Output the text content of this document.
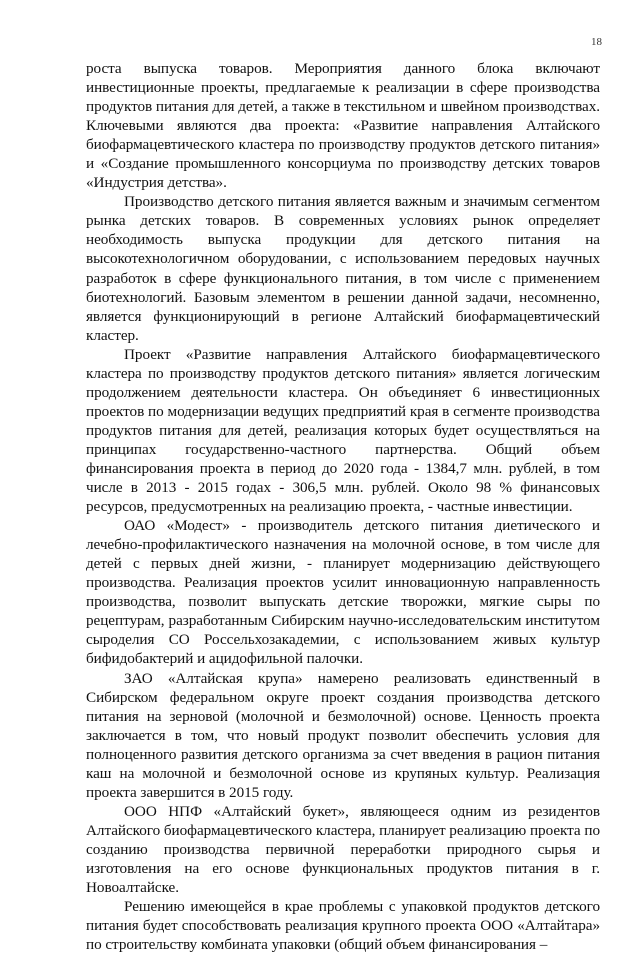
18

роста выпуска товаров. Мероприятия данного блока включают инвестиционные проекты, предлагаемые к реализации в сфере производства продуктов питания для детей, а также в текстильном и швейном производствах. Ключевыми являются два проекта: «Развитие направления Алтайского биофармацевтического кластера по производству продуктов детского питания» и «Создание промышленного консорциума по производству детских товаров «Индустрия детства».

Производство детского питания является важным и значимым сегментом рынка детских товаров. В современных условиях рынок определяет необходимость выпуска продукции для детского питания на высокотехнологичном оборудовании, с использованием передовых научных разработок в сфере функционального питания, в том числе с применением биотехнологий. Базовым элементом в решении данной задачи, несомненно, является функционирующий в регионе Алтайский биофармацевтический кластер.

Проект «Развитие направления Алтайского биофармацевтического кластера по производству продуктов детского питания» является логическим продолжением деятельности кластера. Он объединяет 6 инвестиционных проектов по модернизации ведущих предприятий края в сегменте производства продуктов питания для детей, реализация которых будет осуществляться на принципах государственно-частного партнерства. Общий объем финансирования проекта в период до 2020 года - 1384,7 млн. рублей, в том числе в 2013 - 2015 годах - 306,5 млн. рублей. Около 98 % финансовых ресурсов, предусмотренных на реализацию проекта, - частные инвестиции.

ОАО «Модест» - производитель детского питания диетического и лечебно-профилактического назначения на молочной основе, в том числе для детей с первых дней жизни, - планирует модернизацию действующего производства. Реализация проектов усилит инновационную направленность производства, позволит выпускать детские творожки, мягкие сыры по рецептурам, разработанным Сибирским научно-исследовательским институтом сыроделия СО Россельхозакадемии, с использованием живых культур бифидобактерий и ацидофильной палочки.

ЗАО «Алтайская крупа» намерено реализовать единственный в Сибирском федеральном округе проект создания производства детского питания на зерновой (молочной и безмолочной) основе. Ценность проекта заключается в том, что новый продукт позволит обеспечить условия для полноценного развития детского организма за счет введения в рацион питания каш на молочной и безмолочной основе из крупяных культур. Реализация проекта завершится в 2015 году.

ООО НПФ «Алтайский букет», являющееся одним из резидентов Алтайского биофармацевтического кластера, планирует реализацию проекта по созданию производства первичной переработки природного сырья и изготовления на его основе функциональных продуктов питания в г. Новоалтайске.

Решению имеющейся в крае проблемы с упаковкой продуктов детского питания будет способствовать реализация крупного проекта ООО «Алтайтара» по строительству комбината упаковки (общий объем финансирования –
